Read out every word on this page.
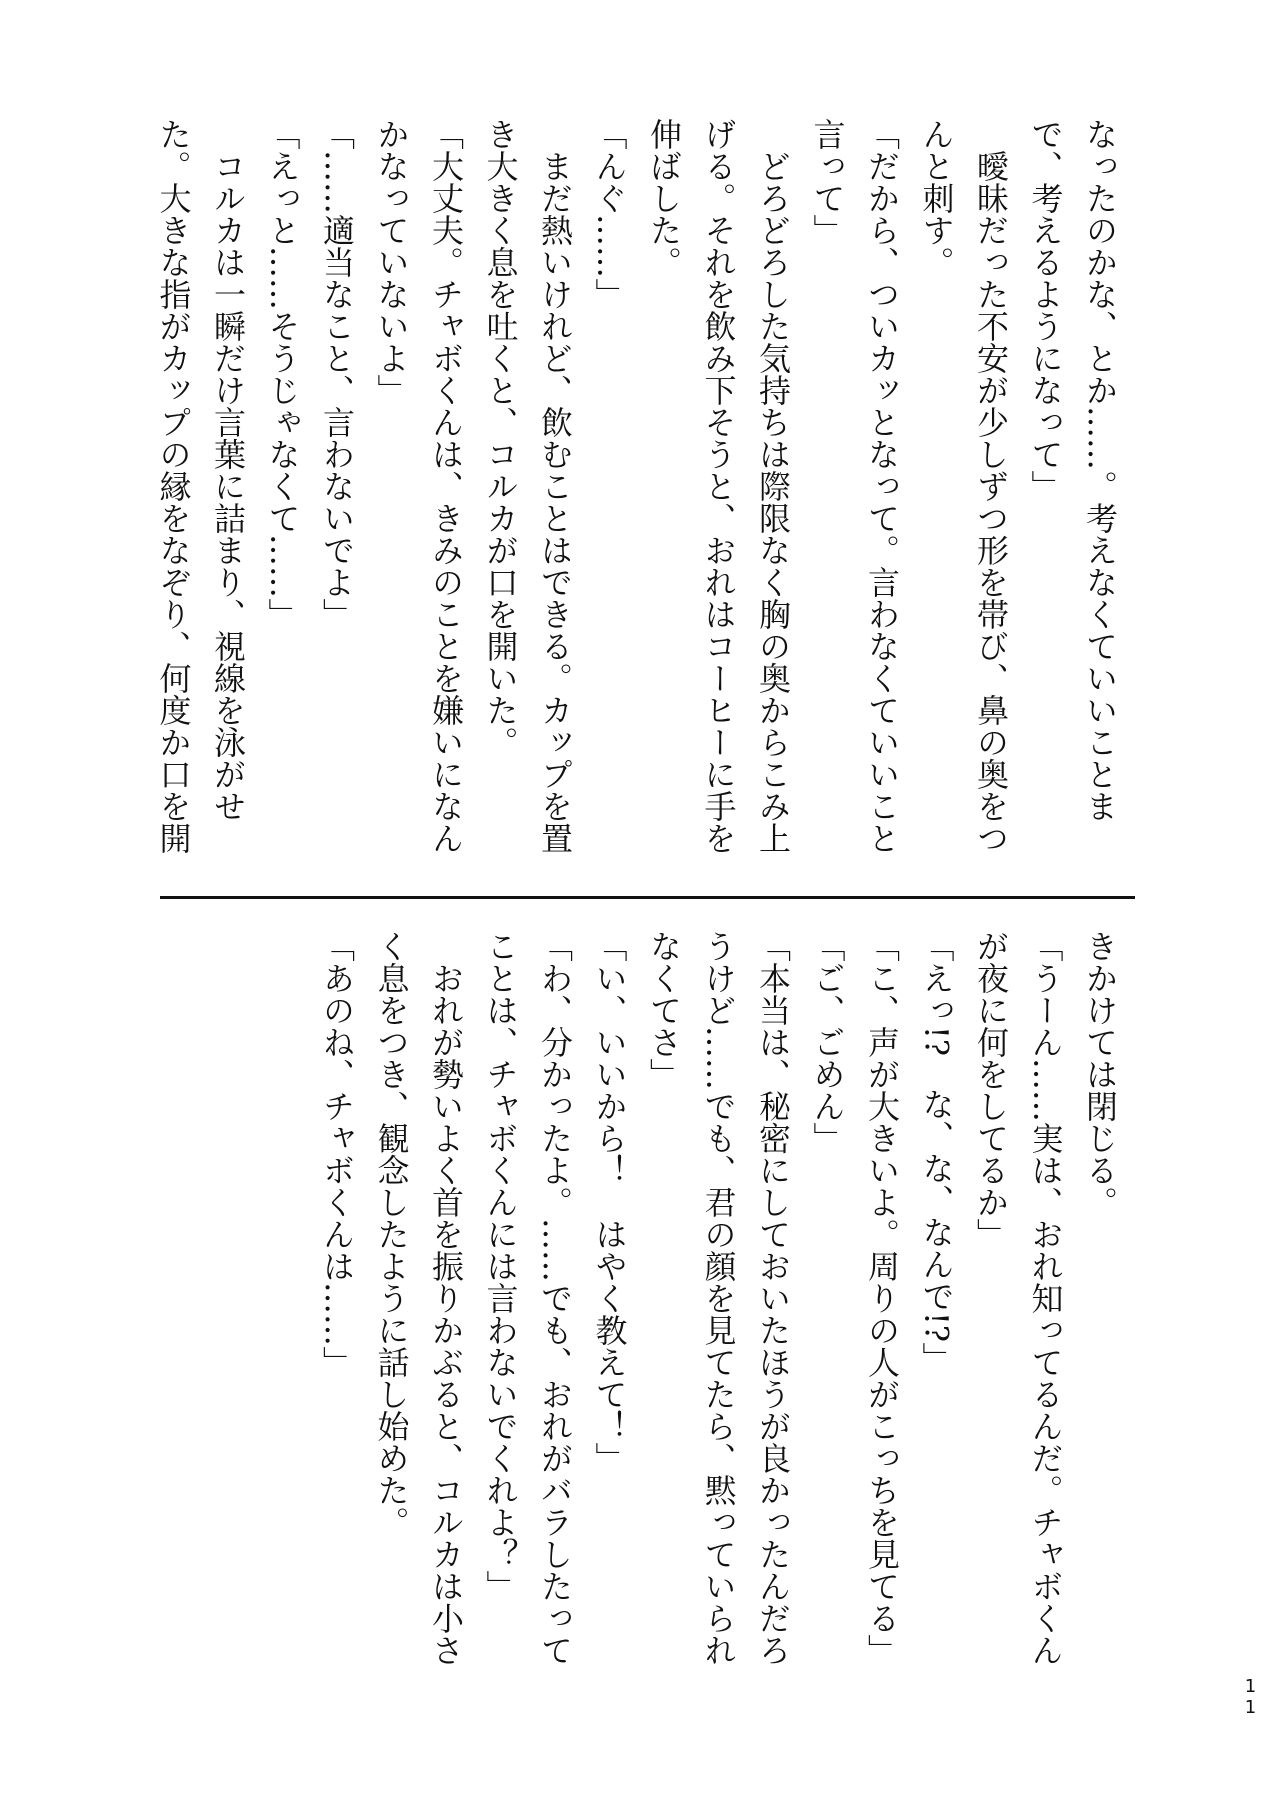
なったのかな、とか……。考えなくていいことま

で、考えるようになって」

　曖昧だった不安が少しずつ形を帯び、鼻の奥をつ

んと刺す。

「だから、ついカッとなって。言わなくていいこと

言って」

　どろどろした気持ちは際限なく胸の奥からこみ上

げる。それを飲み下そうと、おれはコーヒーに手を

伸ばした。

「んぐ……」

　まだ熱いけれど、飲むことはできる。カップを置

き大きく息を吐くと、コルカが口を開いた。

「大丈夫。チャボくんは、きみのことを嫌いになん

かなっていないよ」

「……適当なこと、言わないでよ」

「えっと……そうじゃなくて……」

　コルカは一瞬だけ言葉に詰まり、視線を泳がせ

た。大きな指がカップの縁をなぞり、何度か口を開

きかけては閉じる。

「うーん……実は、おれ知ってるんだ。チャボくん

が夜に何をしてるか」

「えっ!?　な、な、なんで!?」

「こ、声が大きいよ。周りの人がこっちを見てる」

「ご、ごめん」

「本当は、秘密にしておいたほうが良かったんだろ

うけど……でも、君の顔を見てたら、黙っていられ

なくてさ」

「い、いいから！　はやく教えて！」

「わ、分かったよ。……でも、おれがバラしたって

ことは、チャボくんには言わないでくれよ？」

　おれが勢いよく首を振りかぶると、コルカは小さ

く息をつき、観念したように話し始めた。

「あのね、チャボくんは……」

11
